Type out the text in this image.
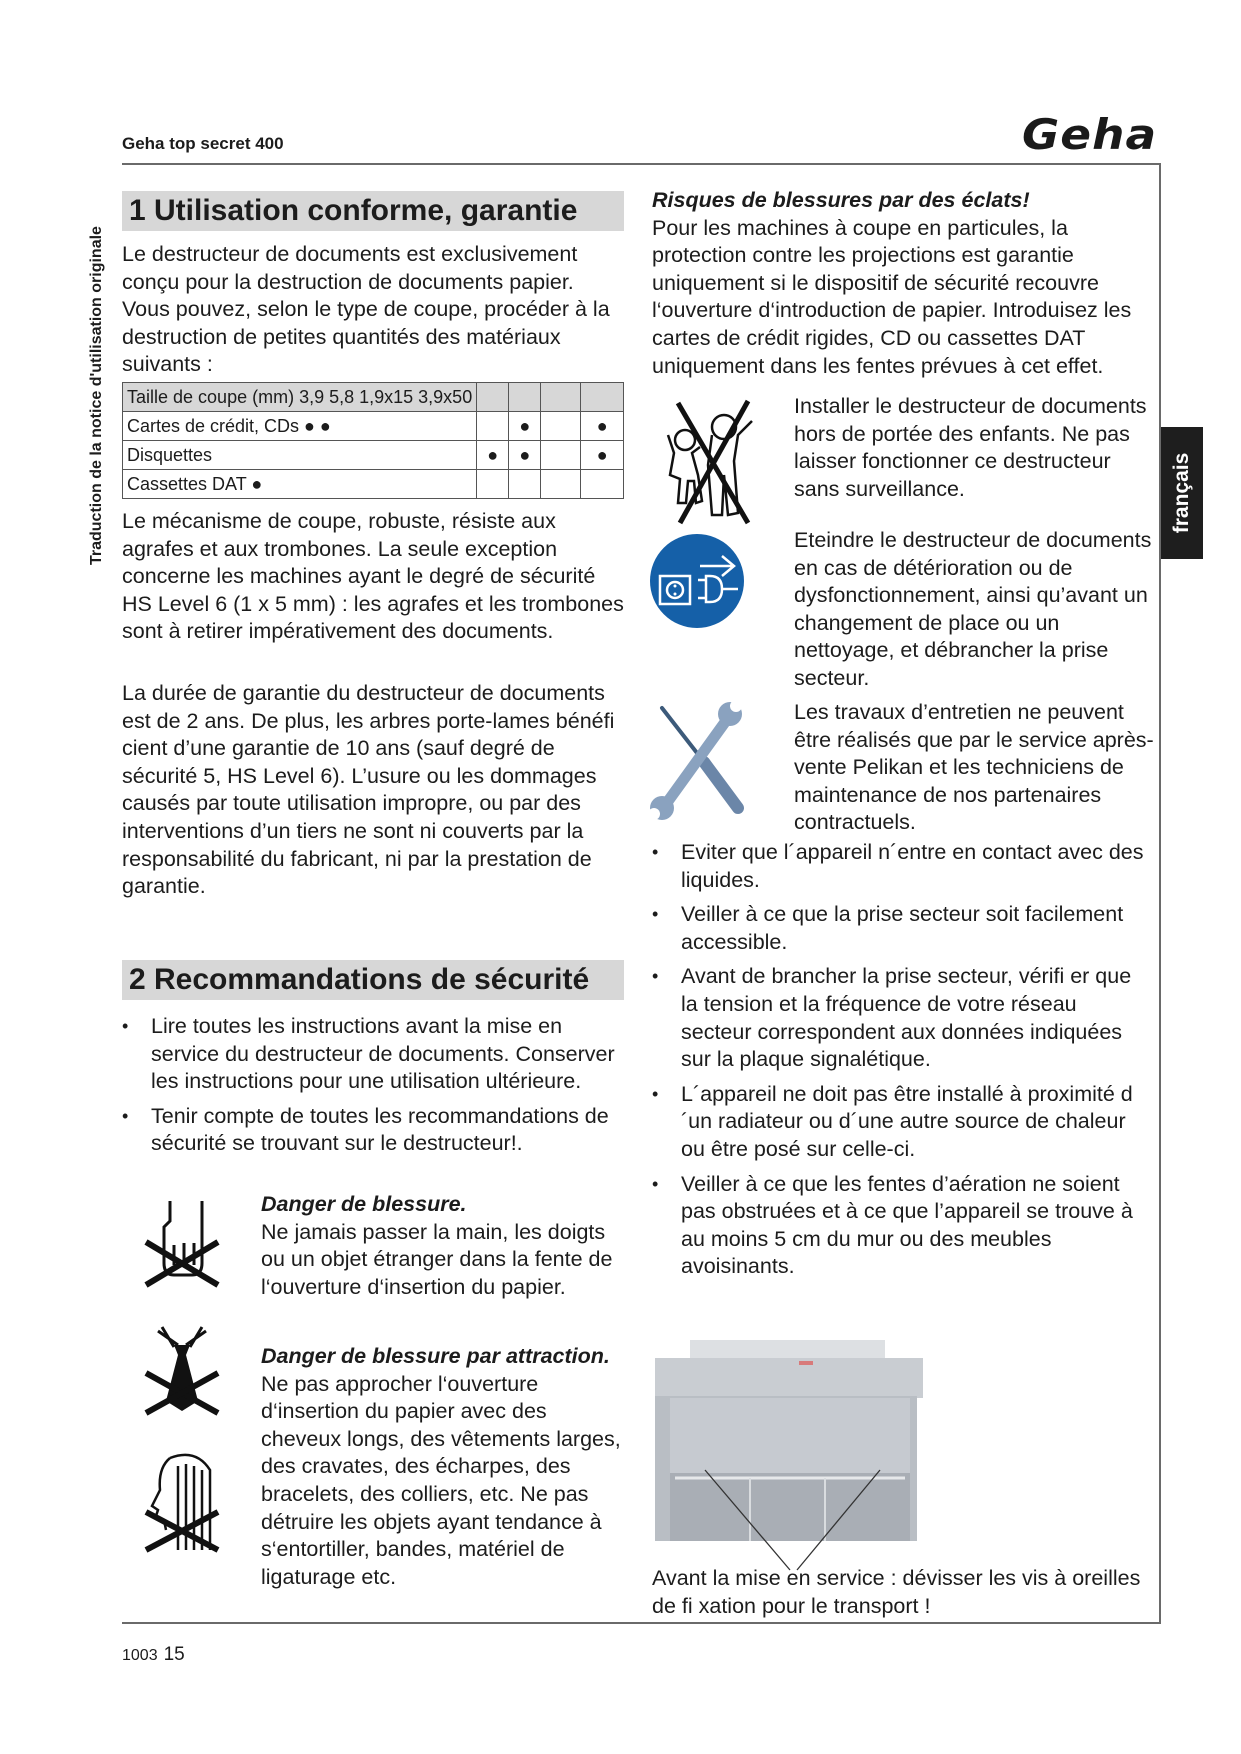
Geha top secret 400	Geha
Traduction de la notice d'utilisation originale	français
1 Utilisation conforme, garantie

Le destructeur de documents est exclusivement conçu pour la destruction de documents papier. Vous pouvez, selon le type de coupe, procéder à la destruction de petites quantités des matériaux suivants :

Taille de coupe (mm) 3,9 5,8 1,9x15 3,9x50				
Cartes de crédit, CDs ● ●		●		●
Disquettes	●	●		●
Cassettes DAT ●				

Le mécanisme de coupe, robuste, résiste aux agrafes et aux trombones. La seule exception concerne les machines ayant le degré de sécurité HS Level 6 (1 x 5 mm) : les agrafes et les trombones sont à retirer impérativement des documents.

La durée de garantie du destructeur de documents est de 2 ans. De plus, les arbres porte-lames bénéfi cient d’une garantie de 10 ans (sauf degré de sécurité 5, HS Level 6). L’usure ou les dommages causés par toute utilisation impropre, ou par des interventions d’un tiers ne sont ni couverts par la responsabilité du fabricant, ni par la prestation de garantie.

2 Recommandations de sécurité
• Lire toutes les instructions avant la mise en service du destructeur de documents. Conserver les instructions pour une utilisation ultérieure.
• Tenir compte de toutes les recommandations de sécurité se trouvant sur le destructeur!.
Danger de blessure.
Ne jamais passer la main, les doigts ou un objet étranger dans la fente de l‘ouverture d‘insertion du papier.
Danger de blessure par attraction.
Ne pas approcher l‘ouverture d‘insertion du papier avec des cheveux longs, des vêtements larges, des cravates, des écharpes, des bracelets, des colliers, etc. Ne pas détruire les objets ayant tendance à s‘entortiller, bandes, matériel de ligaturage etc.
Risques de blessures par des éclats!
Pour les machines à coupe en particules, la protection contre les projections est garantie uniquement si le dispositif de sécurité recouvre l‘ouverture d‘introduction de papier. Introduisez les cartes de crédit rigides, CD ou cassettes DAT uniquement dans les fentes prévues à cet effet.
Installer le destructeur de documents hors de portée des enfants. Ne pas laisser fonctionner ce destructeur sans surveillance.
Eteindre le destructeur de documents en cas de détérioration ou de dysfonctionnement, ainsi qu’avant un changement de place ou un nettoyage, et débrancher la prise secteur.
Les travaux d’entretien ne peuvent être réalisés que par le service après-vente Pelikan et les techniciens de maintenance de nos partenaires contractuels.
• Eviter que l´appareil n´entre en contact avec des liquides.
• Veiller à ce que la prise secteur soit facilement accessible.
• Avant de brancher la prise secteur, vérifi er que la tension et la fréquence de votre réseau secteur correspondent aux données indiquées sur la plaque signalétique.
• L´appareil ne doit pas être installé à proximité d´un radiateur ou d´une autre source de chaleur ou être posé sur celle-ci.
• Veiller à ce que les fentes d’aération ne soient pas obstruées et à ce que l’appareil se trouve à au moins 5 cm du mur ou des meubles avoisinants.
Avant la mise en service : dévisser les vis à oreilles de fi xation pour le transport !
1003 15
